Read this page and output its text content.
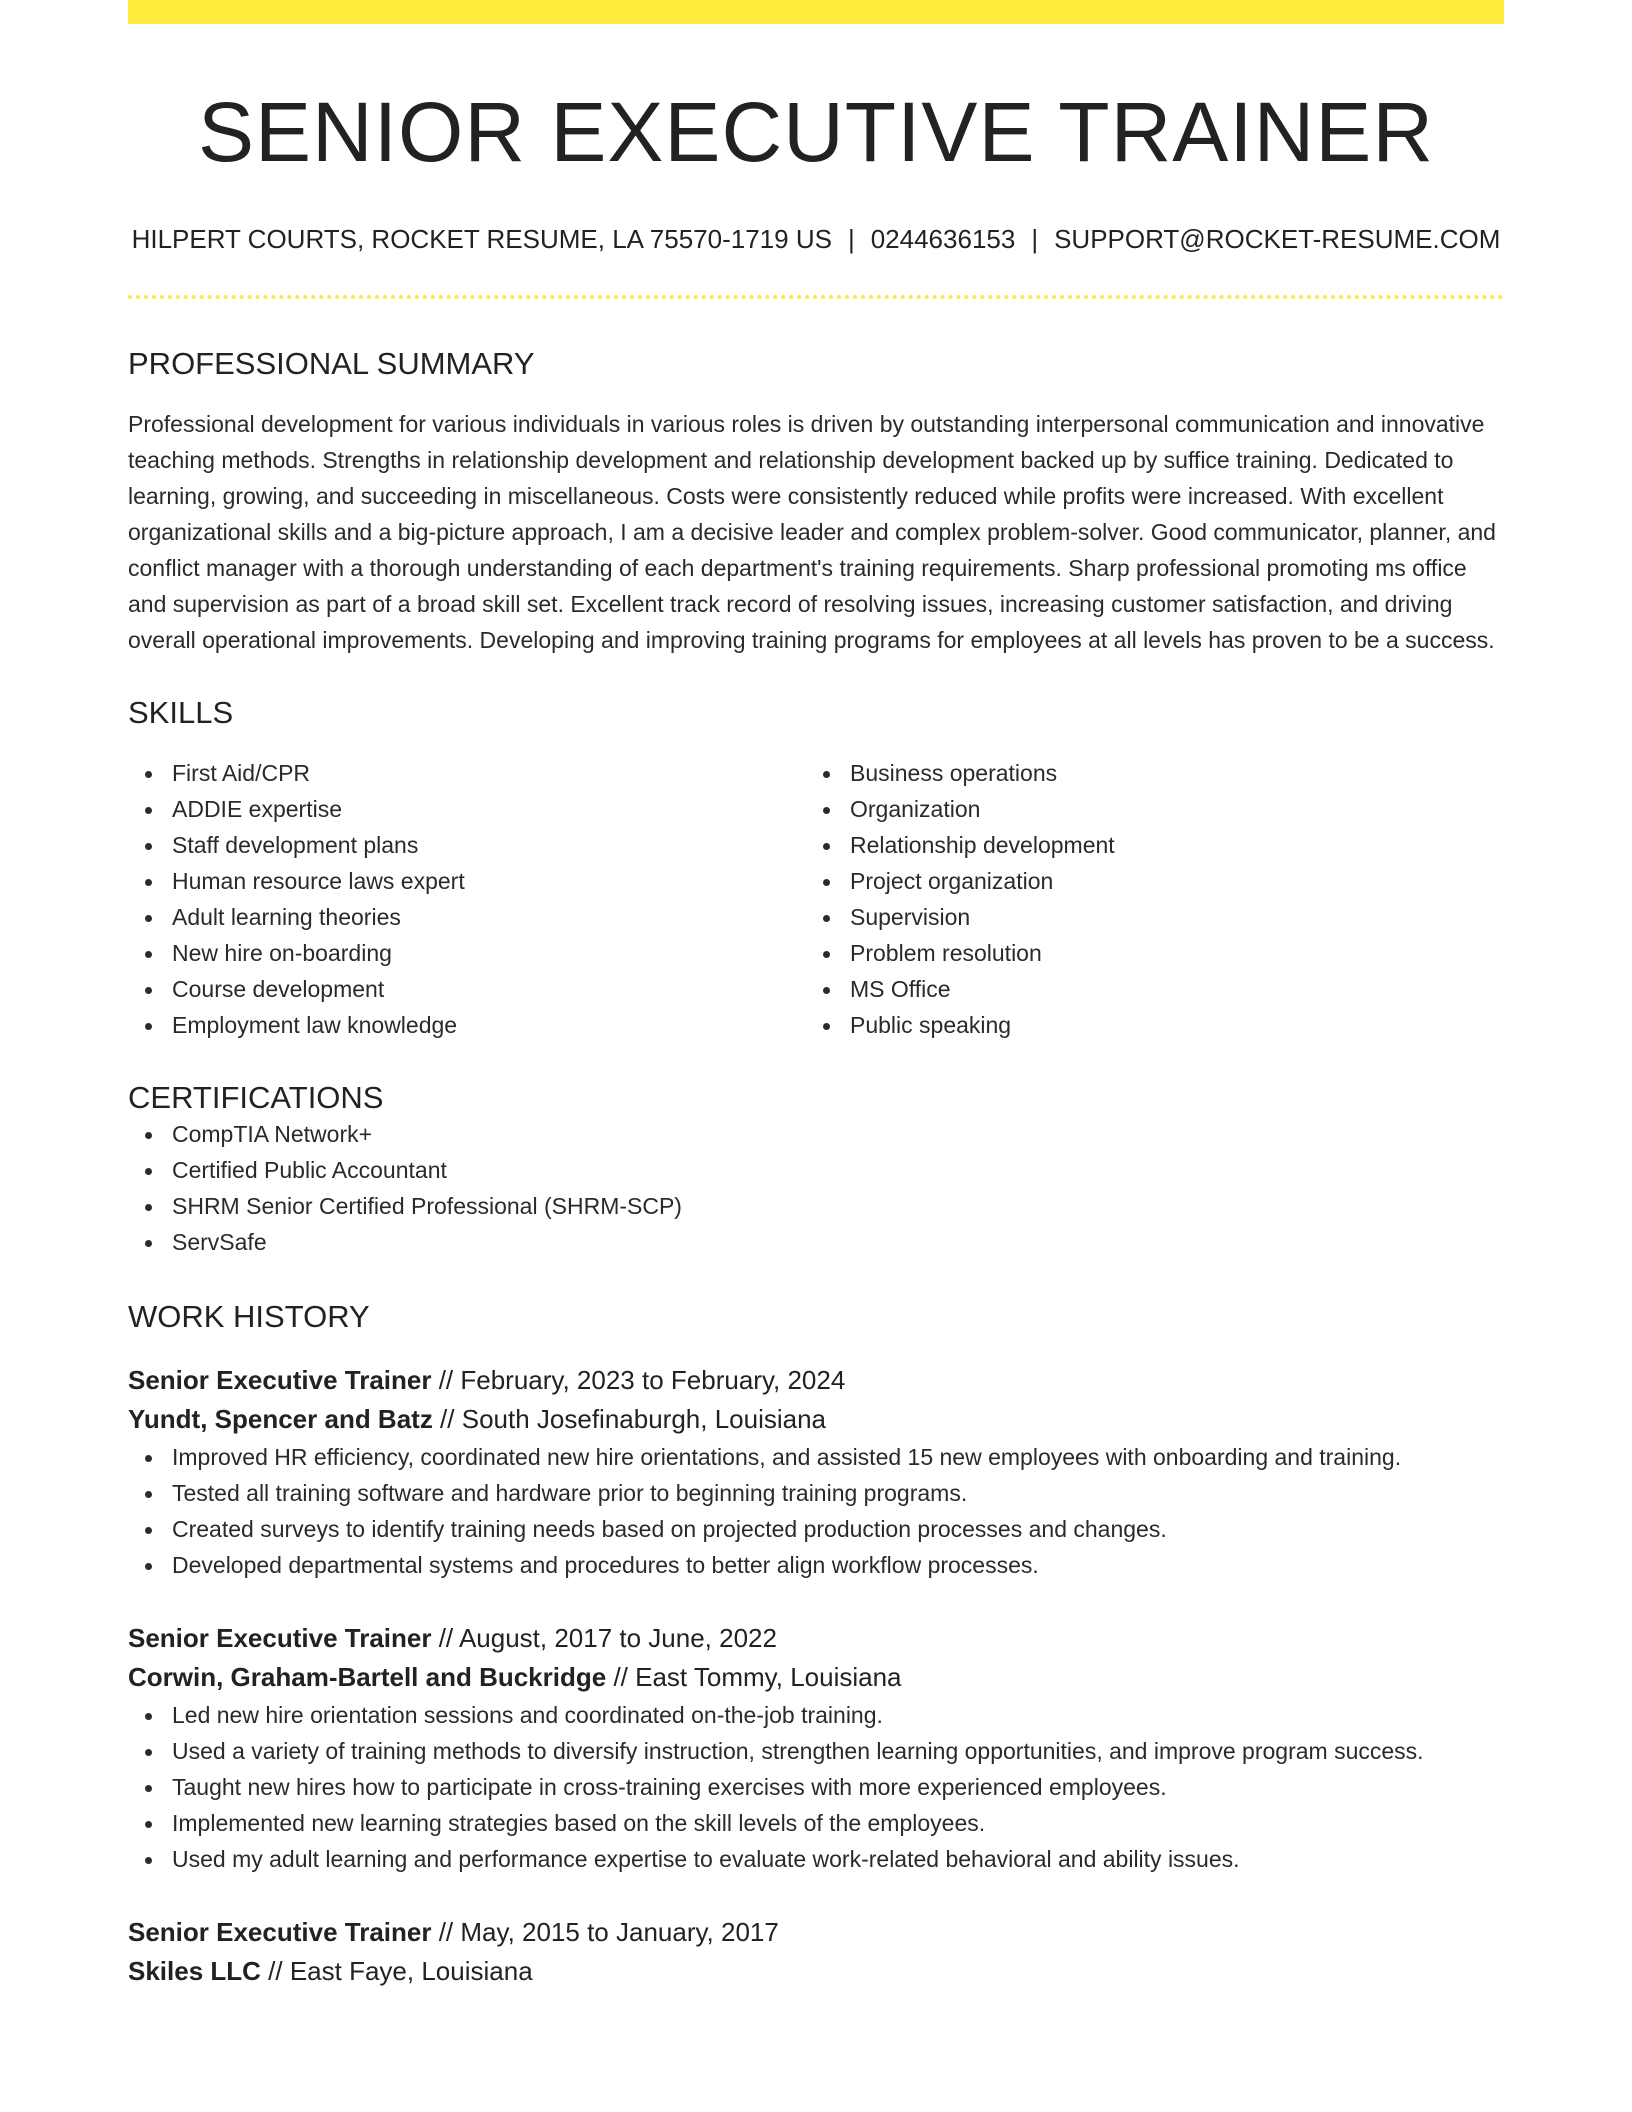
SENIOR EXECUTIVE TRAINER
HILPERT COURTS, ROCKET RESUME, LA 75570-1719 US | 0244636153 | SUPPORT@ROCKET-RESUME.COM
PROFESSIONAL SUMMARY

Professional development for various individuals in various roles is driven by outstanding interpersonal communication and innovative teaching methods. Strengths in relationship development and relationship development backed up by suffice training. Dedicated to learning, growing, and succeeding in miscellaneous. Costs were consistently reduced while profits were increased. With excellent organizational skills and a big-picture approach, I am a decisive leader and complex problem-solver. Good communicator, planner, and conflict manager with a thorough understanding of each department's training requirements. Sharp professional promoting ms office and supervision as part of a broad skill set. Excellent track record of resolving issues, increasing customer satisfaction, and driving overall operational improvements. Developing and improving training programs for employees at all levels has proven to be a success.

SKILLS
First Aid/CPR
ADDIE expertise
Staff development plans
Human resource laws expert
Adult learning theories
New hire on-boarding
Course development
Employment law knowledge
Business operations
Organization
Relationship development
Project organization
Supervision
Problem resolution
MS Office
Public speaking
CERTIFICATIONS
CompTIA Network+
Certified Public Accountant
SHRM Senior Certified Professional (SHRM-SCP)
ServSafe
WORK HISTORY
Senior Executive Trainer // February, 2023 to February, 2024
Yundt, Spencer and Batz // South Josefinaburgh, Louisiana
Improved HR efficiency, coordinated new hire orientations, and assisted 15 new employees with onboarding and training.
Tested all training software and hardware prior to beginning training programs.
Created surveys to identify training needs based on projected production processes and changes.
Developed departmental systems and procedures to better align workflow processes.
Senior Executive Trainer // August, 2017 to June, 2022
Corwin, Graham-Bartell and Buckridge // East Tommy, Louisiana
Led new hire orientation sessions and coordinated on-the-job training.
Used a variety of training methods to diversify instruction, strengthen learning opportunities, and improve program success.
Taught new hires how to participate in cross-training exercises with more experienced employees.
Implemented new learning strategies based on the skill levels of the employees.
Used my adult learning and performance expertise to evaluate work-related behavioral and ability issues.
Senior Executive Trainer // May, 2015 to January, 2017
Skiles LLC // East Faye, Louisiana
